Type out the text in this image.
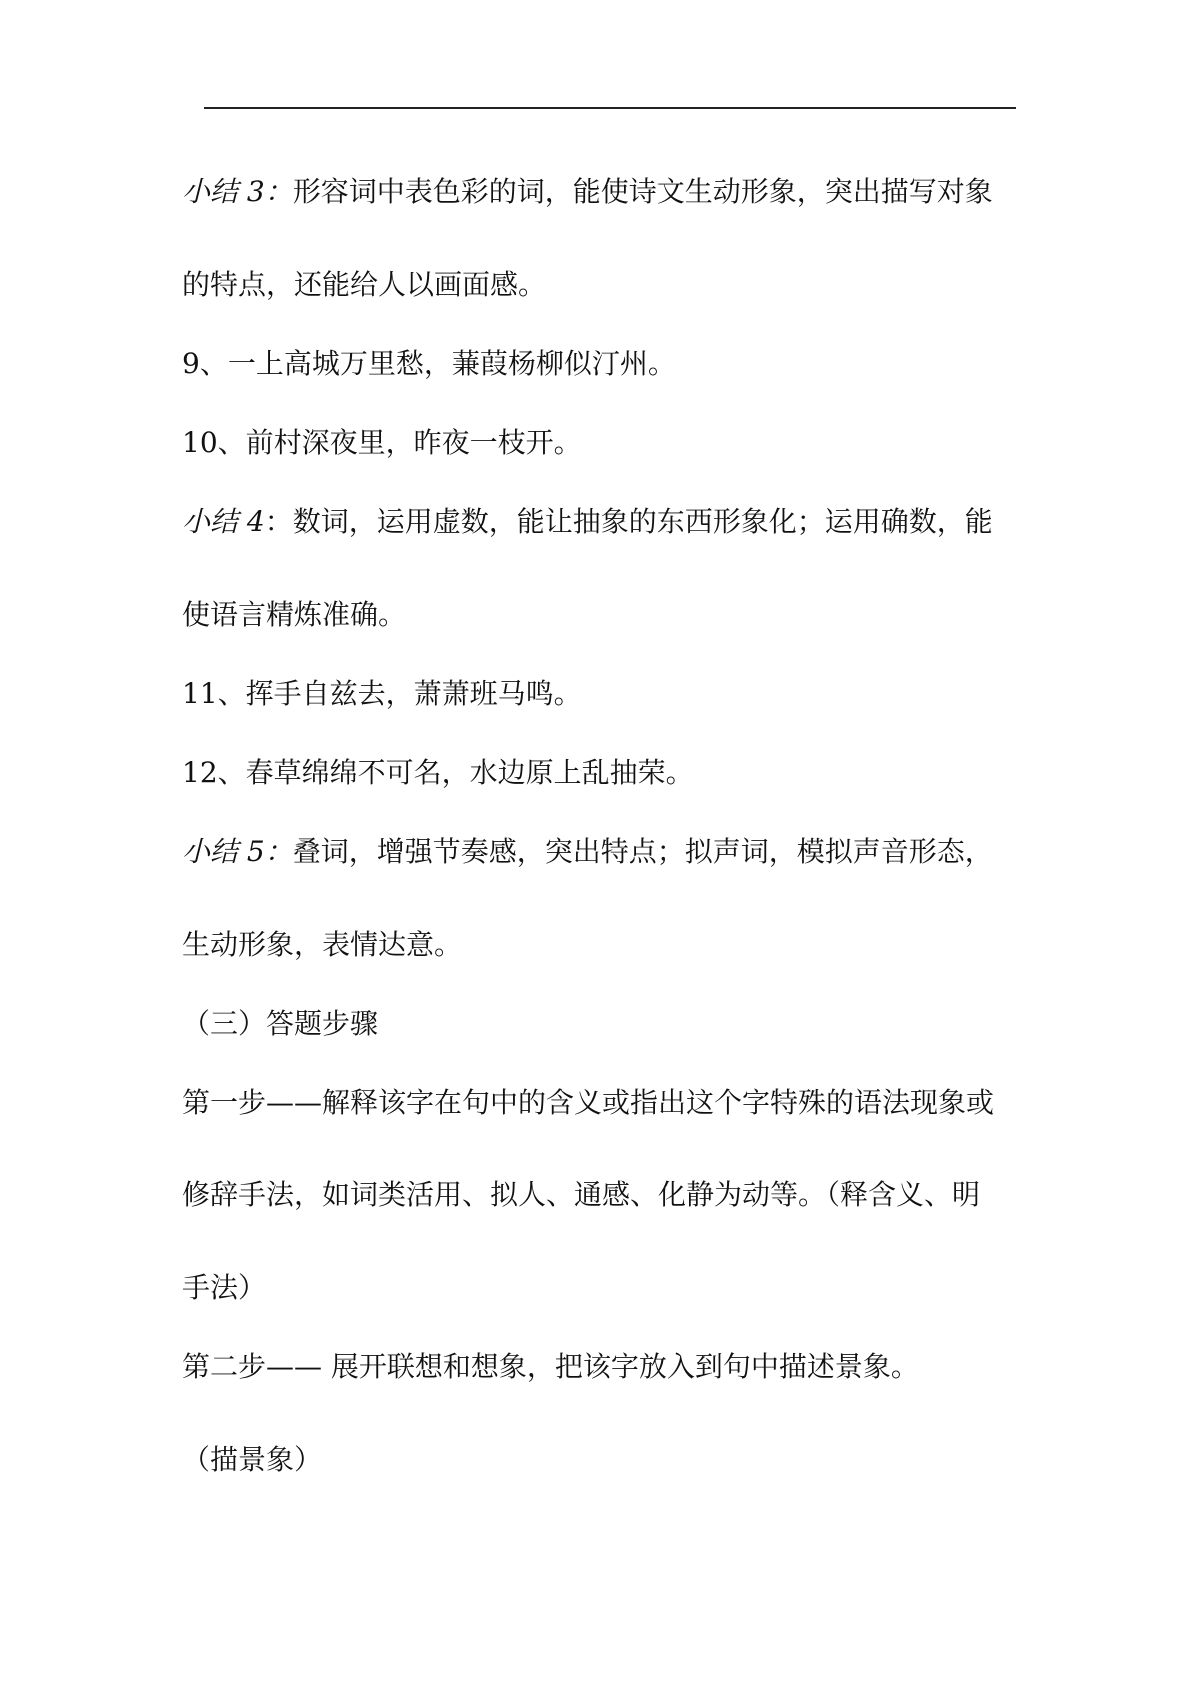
小结 3：形容词中表色彩的词，能使诗文生动形象，突出描写对象
的特点，还能给人以画面感。
9、一上高城万里愁，蒹葭杨柳似汀州。
10、前村深夜里，昨夜一枝开。
小结 4：数词，运用虚数，能让抽象的东西形象化；运用确数，能
使语言精炼准确。
11、挥手自兹去，萧萧班马鸣。
12、春草绵绵不可名，水边原上乱抽荣。
小结 5：叠词，增强节奏感，突出特点；拟声词，模拟声音形态，
生动形象，表情达意。
（三）答题步骤
第一步——解释该字在句中的含义或指出这个字特殊的语法现象或
修辞手法，如词类活用、拟人、通感、化静为动等。（释含义、明
手法）
第二步—— 展开联想和想象，把该字放入到句中描述景象。
（描景象）
